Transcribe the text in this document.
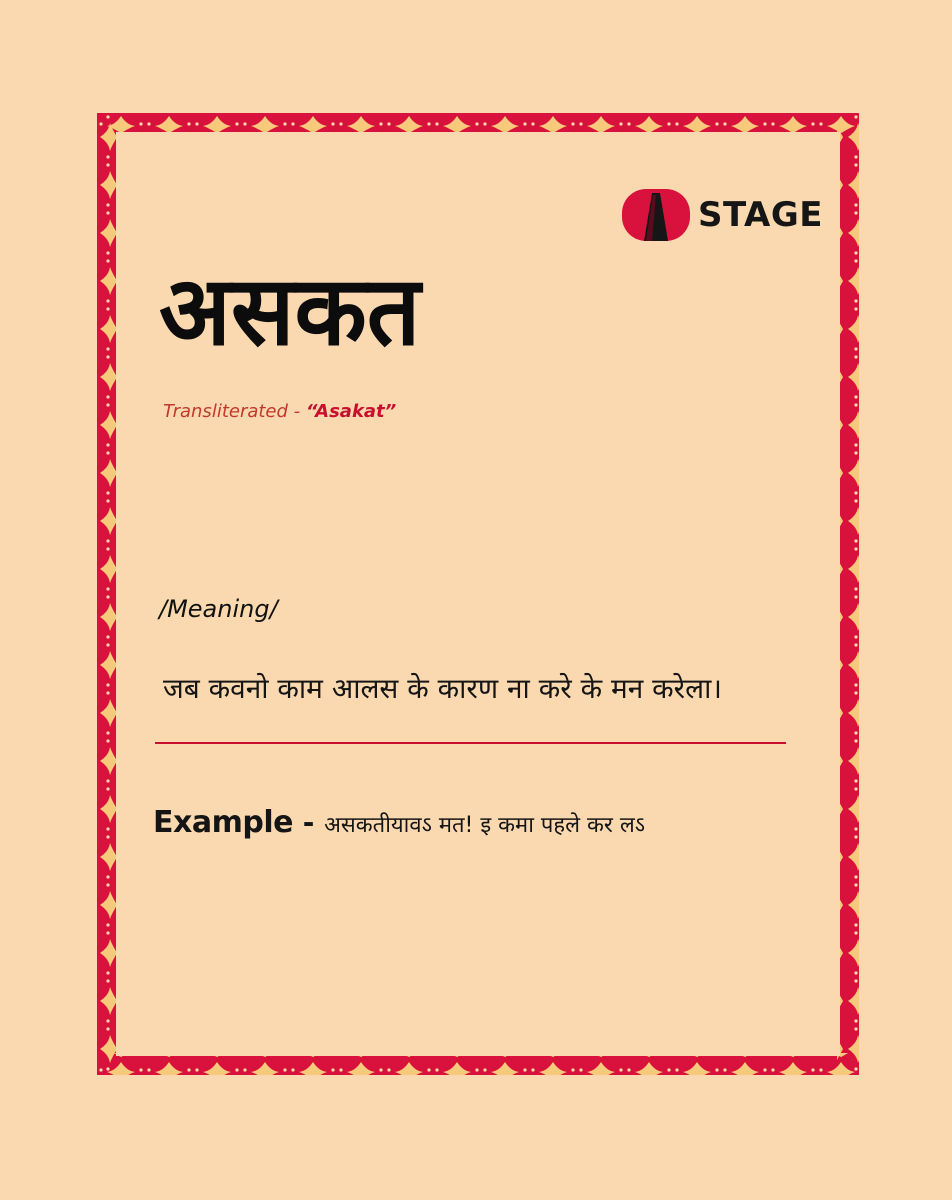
STAGE
असकत
Transliterated - “Asakat”
/Meaning/
जब कवनो काम आलस के कारण ना करे के मन करेला।
Example - असकतीयावऽ मत! इ कमा पहले कर लऽ
